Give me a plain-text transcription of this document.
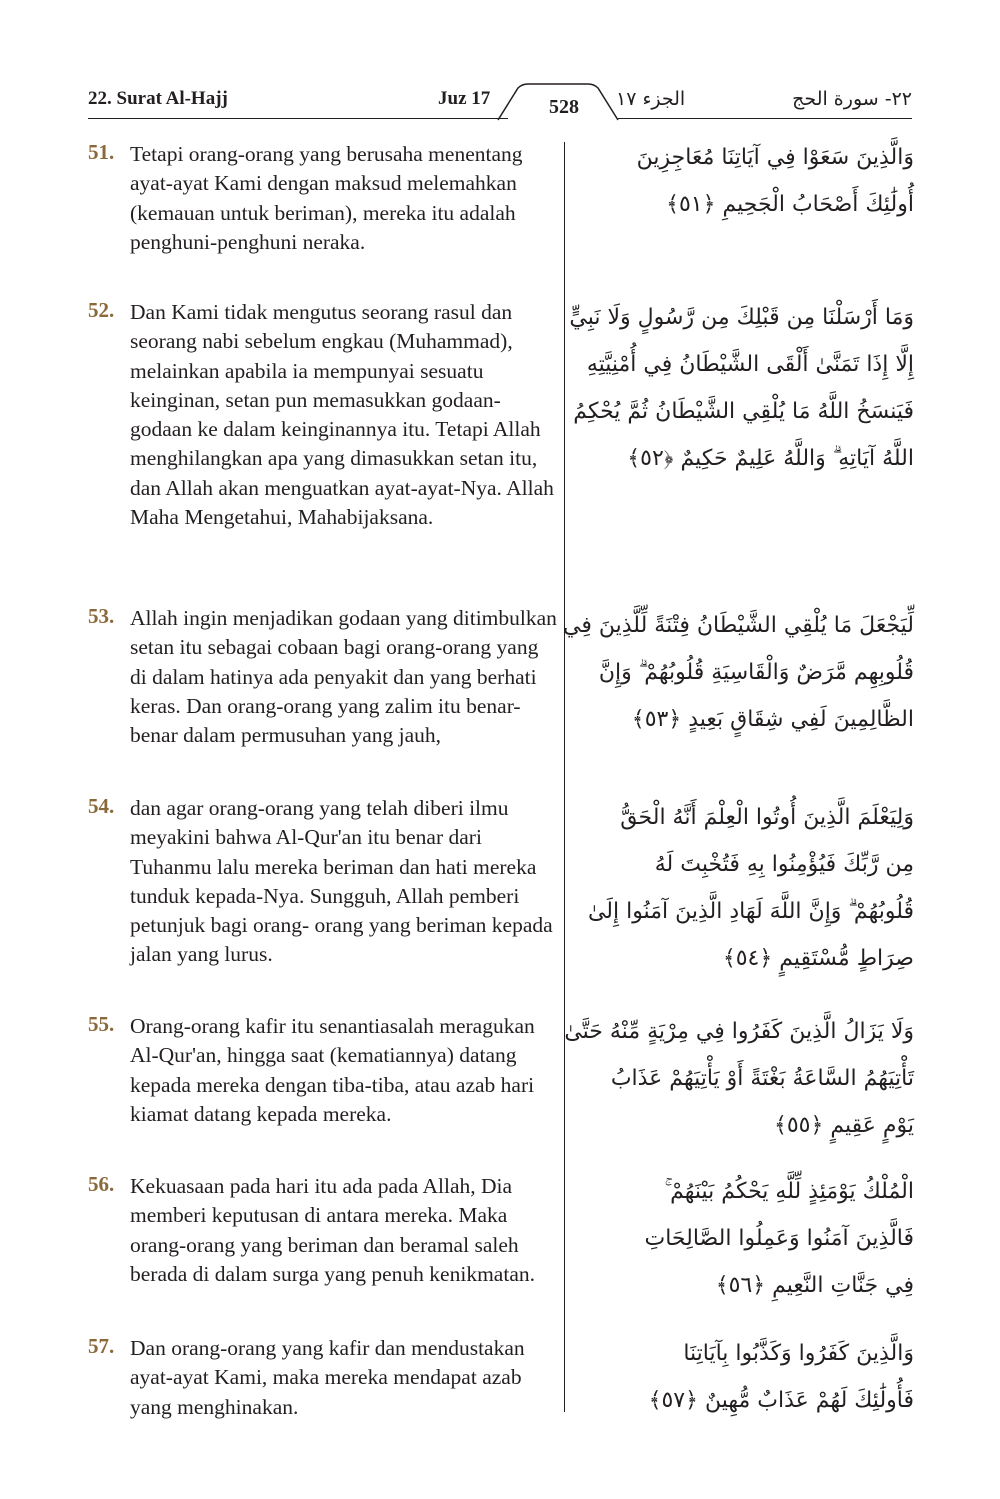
22. Surat Al-Hajj	Juz 17	528	الجزء ١٧	٢٢- سورة الحج
51. Tetapi orang-orang yang berusaha menentang ayat-ayat Kami dengan maksud melemahkan (kemauan untuk beriman), mereka itu adalah penghuni-penghuni neraka.
وَالَّذِينَ سَعَوْا فِي آيَاتِنَا مُعَاجِزِينَ
أُولَٰئِكَ أَصْحَابُ الْجَحِيمِ ﴿٥١﴾
52. Dan Kami tidak mengutus seorang rasul dan seorang nabi sebelum engkau (Muhammad), melainkan apabila ia mempunyai sesuatu keinginan, setan pun memasukkan godaan-godaan ke dalam keinginannya itu. Tetapi Allah menghilangkan apa yang dimasukkan setan itu, dan Allah akan menguatkan ayat-ayat-Nya. Allah Maha Mengetahui, Mahabijaksana.
وَمَا أَرْسَلْنَا مِن قَبْلِكَ مِن رَّسُولٍ وَلَا نَبِيٍّ
إِلَّا إِذَا تَمَنَّىٰ أَلْقَى الشَّيْطَانُ فِي أُمْنِيَّتِهِ
فَيَنسَخُ اللَّهُ مَا يُلْقِي الشَّيْطَانُ ثُمَّ يُحْكِمُ
اللَّهُ آيَاتِهِ ۗ وَاللَّهُ عَلِيمٌ حَكِيمٌ ﴿٥٢﴾
53. Allah ingin menjadikan godaan yang ditimbulkan setan itu sebagai cobaan bagi orang-orang yang di dalam hatinya ada penyakit dan yang berhati keras. Dan orang-orang yang zalim itu benar-benar dalam permusuhan yang jauh,
لِّيَجْعَلَ مَا يُلْقِي الشَّيْطَانُ فِتْنَةً لِّلَّذِينَ فِي
قُلُوبِهِم مَّرَضٌ وَالْقَاسِيَةِ قُلُوبُهُمْ ۗ وَإِنَّ
الظَّالِمِينَ لَفِي شِقَاقٍ بَعِيدٍ ﴿٥٣﴾
54. dan agar orang-orang yang telah diberi ilmu meyakini bahwa Al-Qur'an itu benar dari Tuhanmu lalu mereka beriman dan hati mereka tunduk kepada-Nya. Sungguh, Allah pemberi petunjuk bagi orang- orang yang beriman kepada jalan yang lurus.
وَلِيَعْلَمَ الَّذِينَ أُوتُوا الْعِلْمَ أَنَّهُ الْحَقُّ
مِن رَّبِّكَ فَيُؤْمِنُوا بِهِ فَتُخْبِتَ لَهُ
قُلُوبُهُمْ ۗ وَإِنَّ اللَّهَ لَهَادِ الَّذِينَ آمَنُوا إِلَىٰ
صِرَاطٍ مُّسْتَقِيمٍ ﴿٥٤﴾
55. Orang-orang kafir itu senantiasalah meragukan Al-Qur'an, hingga saat (kematiannya) datang kepada mereka dengan tiba-tiba, atau azab hari kiamat datang kepada mereka.
وَلَا يَزَالُ الَّذِينَ كَفَرُوا فِي مِرْيَةٍ مِّنْهُ حَتَّىٰ
تَأْتِيَهُمُ السَّاعَةُ بَغْتَةً أَوْ يَأْتِيَهُمْ عَذَابُ
يَوْمٍ عَقِيمٍ ﴿٥٥﴾
56. Kekuasaan pada hari itu ada pada Allah, Dia memberi keputusan di antara mereka. Maka orang-orang yang beriman dan beramal saleh berada di dalam surga yang penuh kenikmatan.
الْمُلْكُ يَوْمَئِذٍ لِّلَّهِ يَحْكُمُ بَيْنَهُمْ ۚ
فَالَّذِينَ آمَنُوا وَعَمِلُوا الصَّالِحَاتِ
فِي جَنَّاتِ النَّعِيمِ ﴿٥٦﴾
57. Dan orang-orang yang kafir dan mendustakan ayat-ayat Kami, maka mereka mendapat azab yang menghinakan.
وَالَّذِينَ كَفَرُوا وَكَذَّبُوا بِآيَاتِنَا
فَأُولَٰئِكَ لَهُمْ عَذَابٌ مُّهِينٌ ﴿٥٧﴾
